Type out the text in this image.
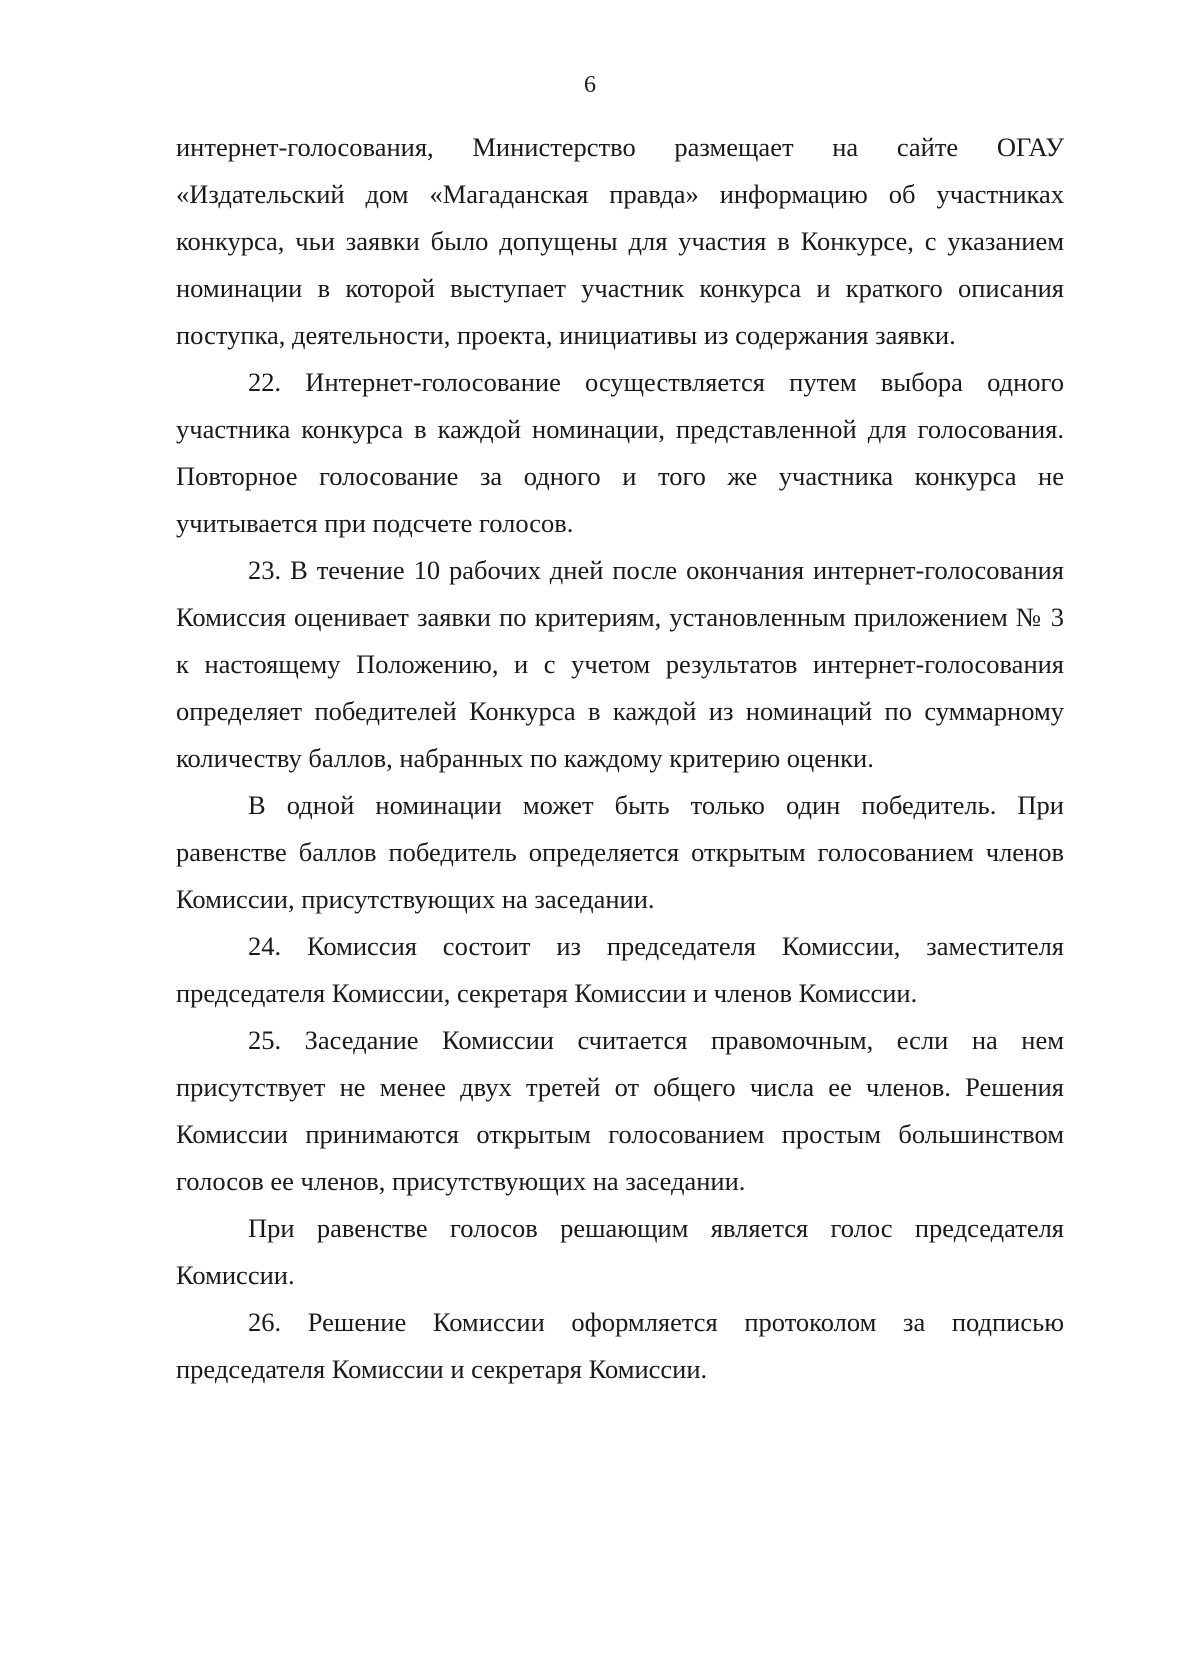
6

интернет-голосования, Министерство размещает на сайте ОГАУ «Издательский дом «Магаданская правда» информацию об участниках конкурса, чьи заявки было допущены для участия в Конкурсе, с указанием номинации в которой выступает участник конкурса и краткого описания поступка, деятельности, проекта, инициативы из содержания заявки.

22. Интернет-голосование осуществляется путем выбора одного участника конкурса в каждой номинации, представленной для голосования. Повторное голосование за одного и того же участника конкурса не учитывается при подсчете голосов.

23. В течение 10 рабочих дней после окончания интернет-голосования Комиссия оценивает заявки по критериям, установленным приложением № 3 к настоящему Положению, и с учетом результатов интернет-голосования определяет победителей Конкурса в каждой из номинаций по суммарному количеству баллов, набранных по каждому критерию оценки.

В одной номинации может быть только один победитель. При равенстве баллов победитель определяется открытым голосованием членов Комиссии, присутствующих на заседании.

24. Комиссия состоит из председателя Комиссии, заместителя председателя Комиссии, секретаря Комиссии и членов Комиссии.

25. Заседание Комиссии считается правомочным, если на нем присутствует не менее двух третей от общего числа ее членов. Решения Комиссии принимаются открытым голосованием простым большинством голосов ее членов, присутствующих на заседании.

При равенстве голосов решающим является голос председателя Комиссии.

26. Решение Комиссии оформляется протоколом за подписью председателя Комиссии и секретаря Комиссии.
